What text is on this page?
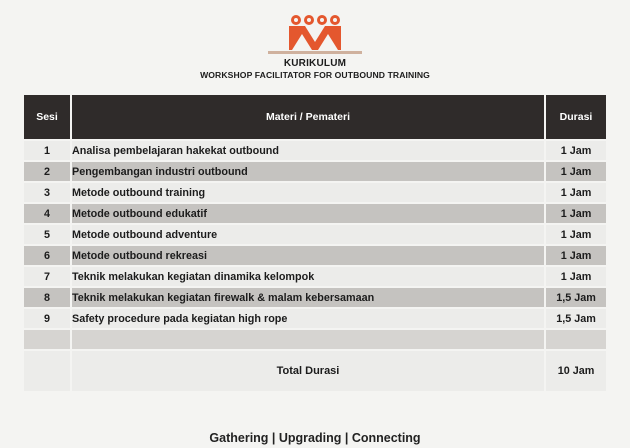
KURIKULUM
WORKSHOP FACILITATOR FOR OUTBOUND TRAINING
Sesi	Materi / Pemateri	Durasi
1	Analisa pembelajaran hakekat outbound	1 Jam
2	Pengembangan industri outbound	1 Jam
3	Metode outbound training	1 Jam
4	Metode outbound edukatif	1 Jam
5	Metode outbound adventure	1 Jam
6	Metode outbound rekreasi	1 Jam
7	Teknik melakukan kegiatan dinamika kelompok	1 Jam
8	Teknik melakukan kegiatan firewalk & malam kebersamaan	1,5 Jam
9	Safety procedure pada kegiatan high rope	1,5 Jam

	Total Durasi	10 Jam
Gathering | Upgrading | Connecting
